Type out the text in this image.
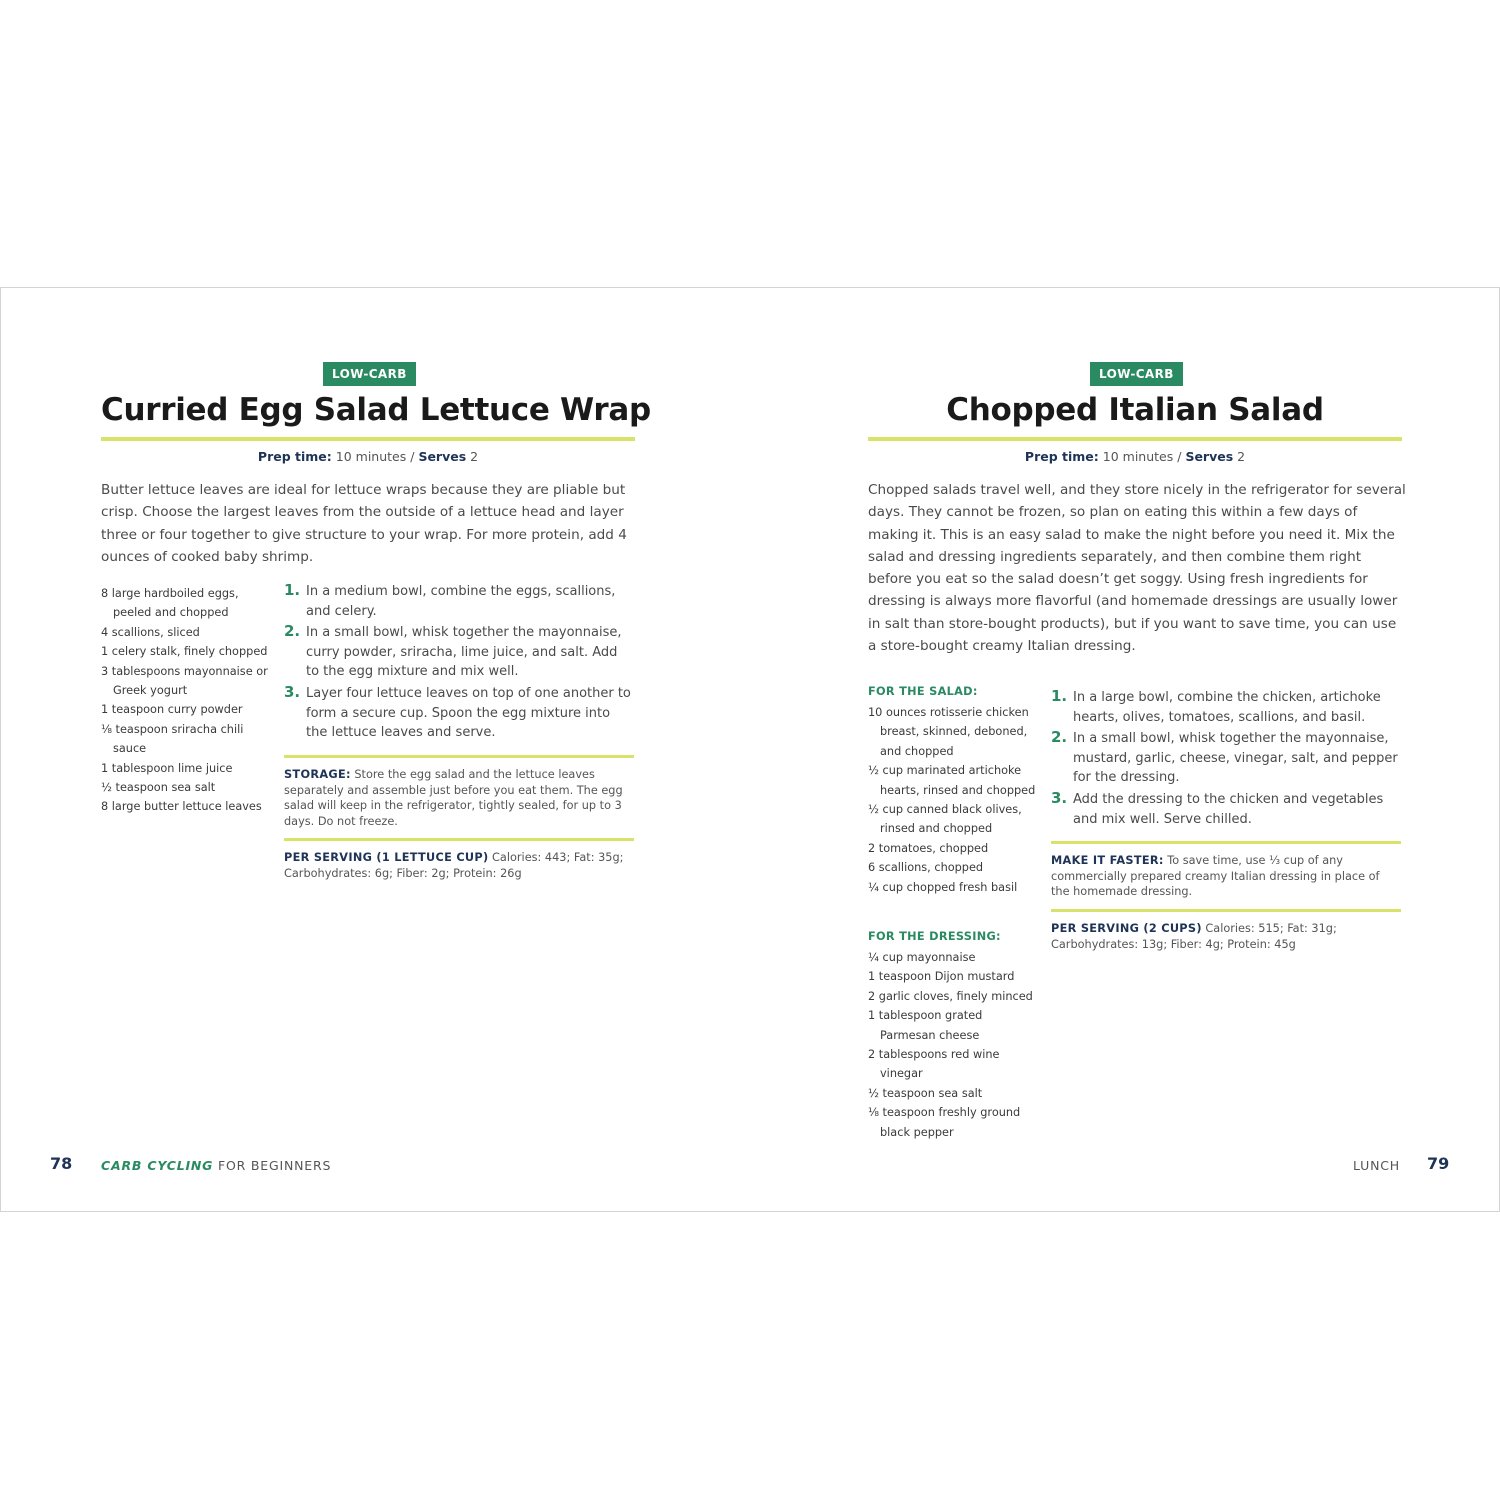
LOW-CARB
Curried Egg Salad Lettuce Wrap
Prep time: 10 minutes / Serves 2

Butter lettuce leaves are ideal for lettuce wraps because they are pliable but crisp. Choose the largest leaves from the outside of a lettuce head and layer three or four together to give structure to your wrap. For more protein, add 4 ounces of cooked baby shrimp.

8 large hardboiled eggs, peeled and chopped
4 scallions, sliced
1 celery stalk, finely chopped
3 tablespoons mayonnaise or Greek yogurt
1 teaspoon curry powder
⅛ teaspoon sriracha chili sauce
1 tablespoon lime juice
½ teaspoon sea salt
8 large butter lettuce leaves
1. In a medium bowl, combine the eggs, scallions, and celery.
2. In a small bowl, whisk together the mayonnaise, curry powder, sriracha, lime juice, and salt. Add to the egg mixture and mix well.
3. Layer four lettuce leaves on top of one another to form a secure cup. Spoon the egg mixture into the lettuce leaves and serve.

STORAGE: Store the egg salad and the lettuce leaves separately and assemble just before you eat them. The egg salad will keep in the refrigerator, tightly sealed, for up to 3 days. Do not freeze.

PER SERVING (1 LETTUCE CUP) Calories: 443; Fat: 35g; Carbohydrates: 6g; Fiber: 2g; Protein: 26g

78 CARB CYCLING FOR BEGINNERS
LOW-CARB
Chopped Italian Salad
Prep time: 10 minutes / Serves 2

Chopped salads travel well, and they store nicely in the refrigerator for several days. They cannot be frozen, so plan on eating this within a few days of making it. This is an easy salad to make the night before you need it. Mix the salad and dressing ingredients separately, and then combine them right before you eat so the salad doesn’t get soggy. Using fresh ingredients for dressing is always more flavorful (and homemade dressings are usually lower in salt than store-bought products), but if you want to save time, you can use a store-bought creamy Italian dressing.

FOR THE SALAD:
10 ounces rotisserie chicken breast, skinned, deboned, and chopped
½ cup marinated artichoke hearts, rinsed and chopped
½ cup canned black olives, rinsed and chopped
2 tomatoes, chopped
6 scallions, chopped
¼ cup chopped fresh basil
FOR THE DRESSING:
¼ cup mayonnaise
1 teaspoon Dijon mustard
2 garlic cloves, finely minced
1 tablespoon grated Parmesan cheese
2 tablespoons red wine vinegar
½ teaspoon sea salt
⅛ teaspoon freshly ground black pepper
1. In a large bowl, combine the chicken, artichoke hearts, olives, tomatoes, scallions, and basil.
2. In a small bowl, whisk together the mayonnaise, mustard, garlic, cheese, vinegar, salt, and pepper for the dressing.
3. Add the dressing to the chicken and vegetables and mix well. Serve chilled.

MAKE IT FASTER: To save time, use ⅓ cup of any commercially prepared creamy Italian dressing in place of the homemade dressing.

PER SERVING (2 CUPS) Calories: 515; Fat: 31g; Carbohydrates: 13g; Fiber: 4g; Protein: 45g

LUNCH 79
